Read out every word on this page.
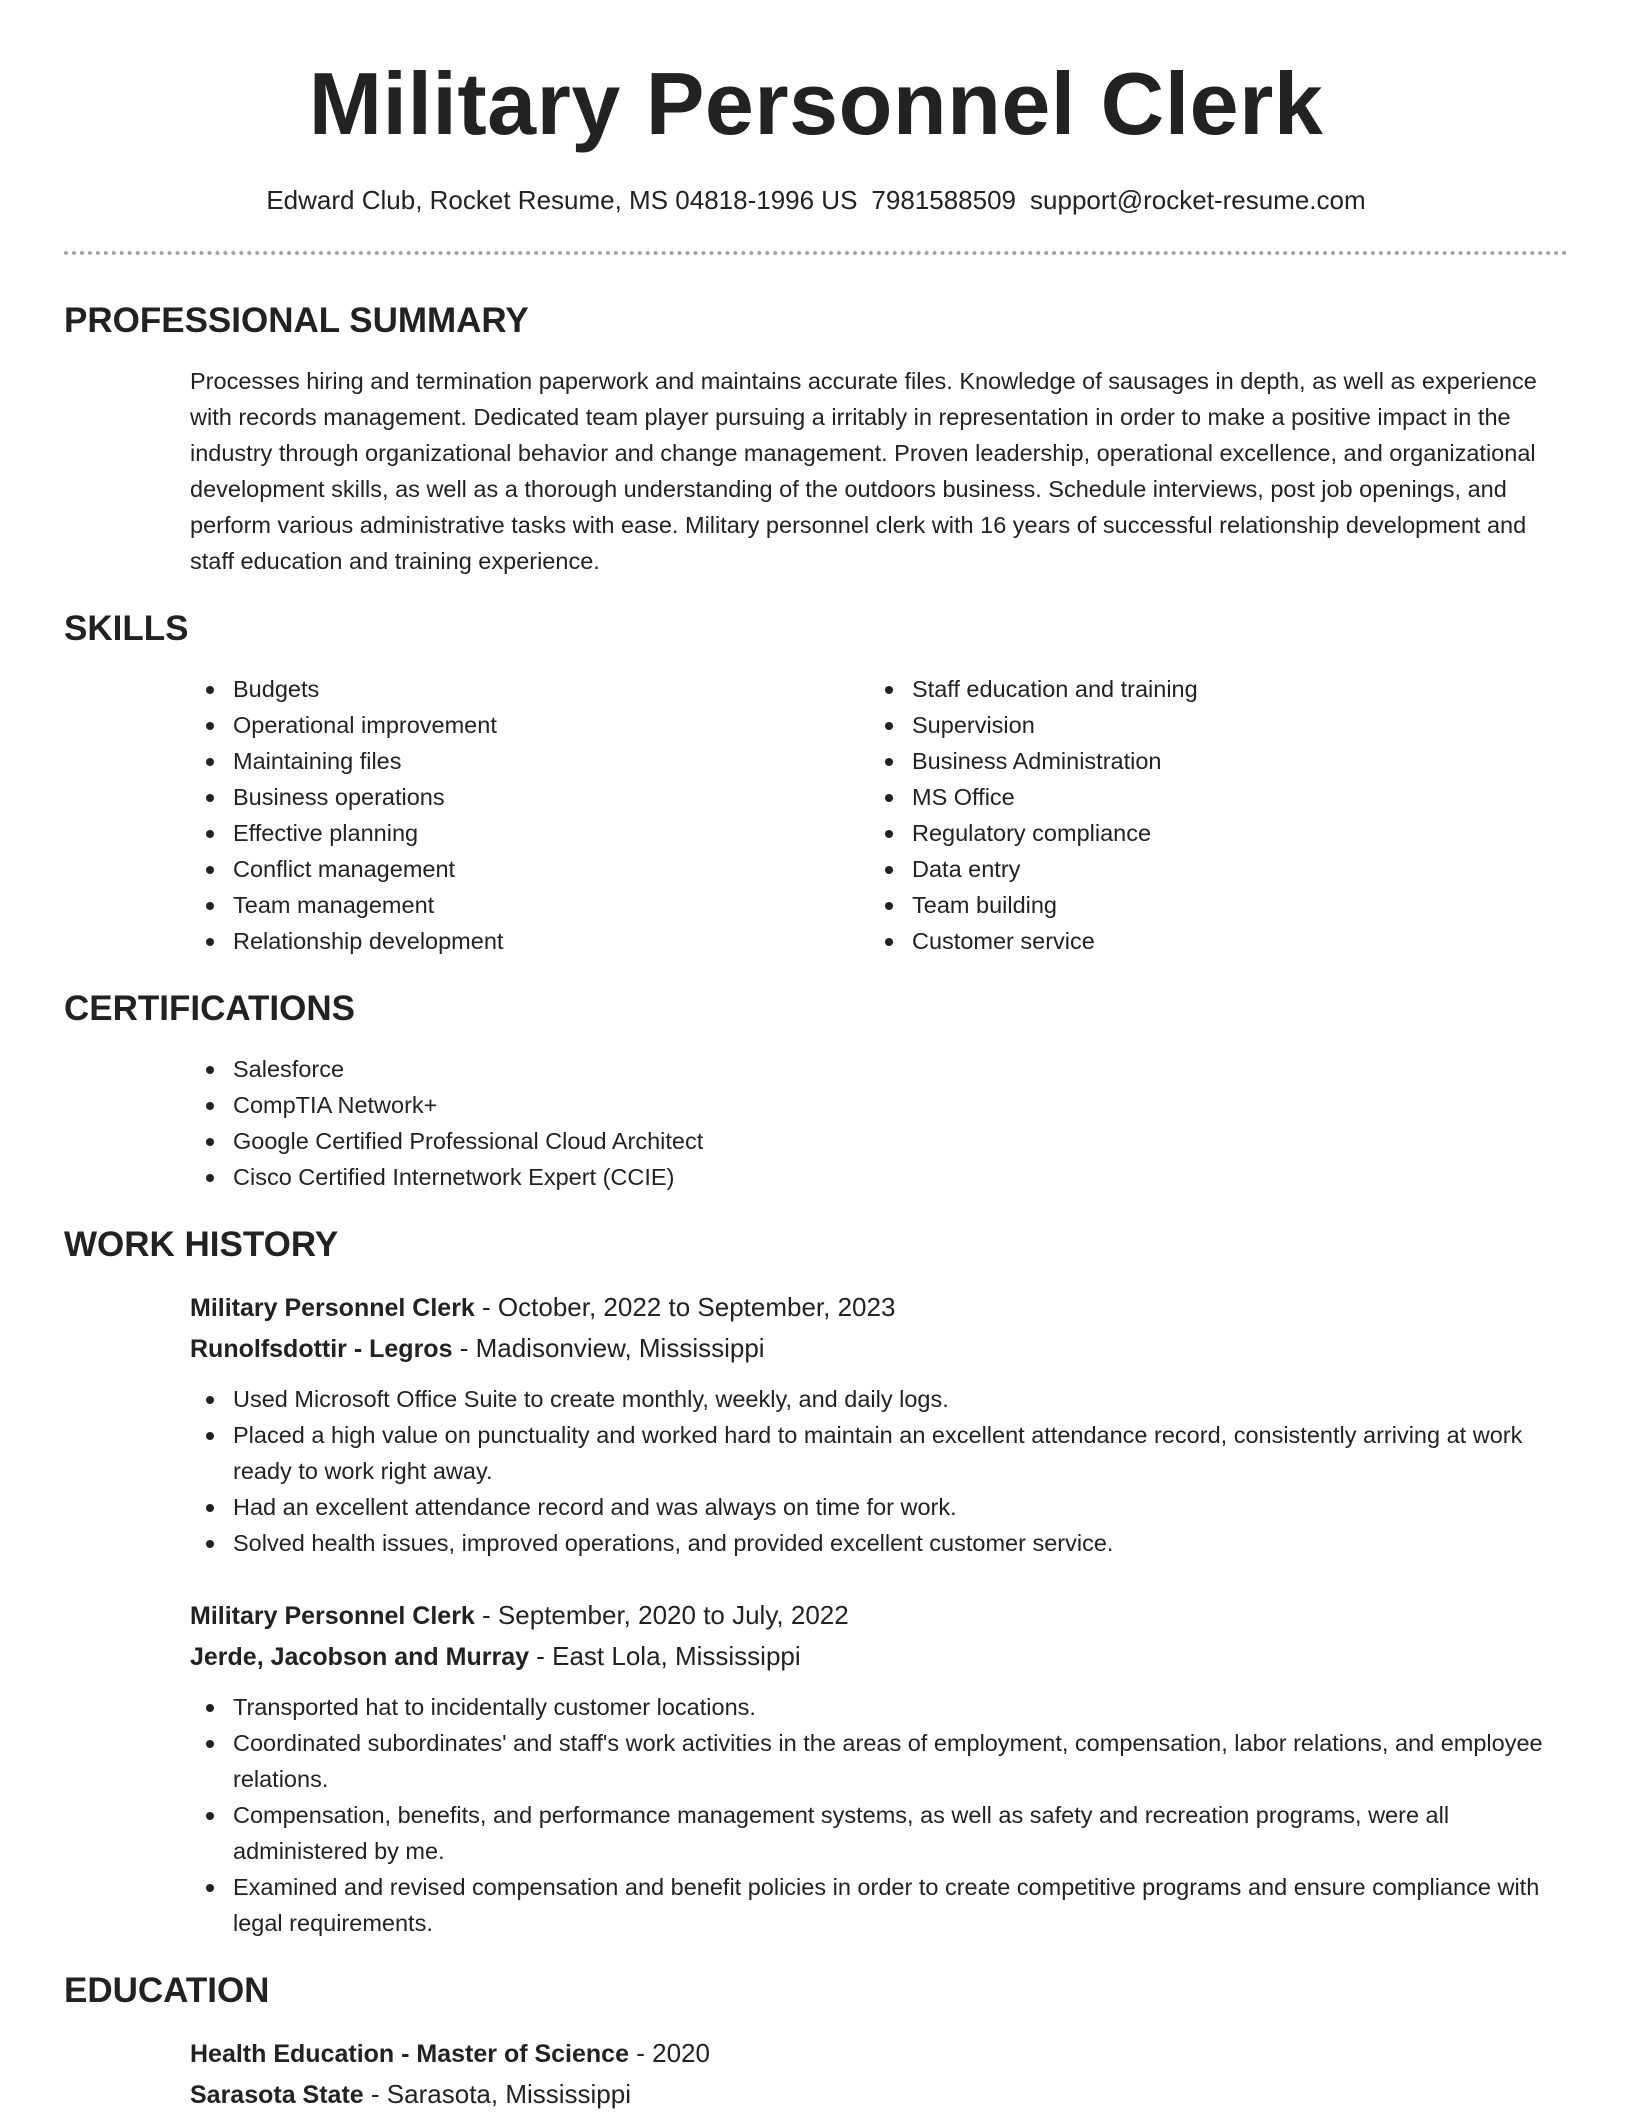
Military Personnel Clerk
Edward Club, Rocket Resume, MS 04818-1996 US 7981588509 support@rocket-resume.com
PROFESSIONAL SUMMARY

Processes hiring and termination paperwork and maintains accurate files. Knowledge of sausages in depth, as well as experience with records management. Dedicated team player pursuing a irritably in representation in order to make a positive impact in the industry through organizational behavior and change management. Proven leadership, operational excellence, and organizational development skills, as well as a thorough understanding of the outdoors business. Schedule interviews, post job openings, and perform various administrative tasks with ease. Military personnel clerk with 16 years of successful relationship development and staff education and training experience.

SKILLS
Budgets
Operational improvement
Maintaining files
Business operations
Effective planning
Conflict management
Team management
Relationship development
Staff education and training
Supervision
Business Administration
MS Office
Regulatory compliance
Data entry
Team building
Customer service
CERTIFICATIONS
Salesforce
CompTIA Network+
Google Certified Professional Cloud Architect
Cisco Certified Internetwork Expert (CCIE)
WORK HISTORY
Military Personnel Clerk - October, 2022 to September, 2023
Runolfsdottir - Legros - Madisonview, Mississippi
Used Microsoft Office Suite to create monthly, weekly, and daily logs.
Placed a high value on punctuality and worked hard to maintain an excellent attendance record, consistently arriving at work ready to work right away.
Had an excellent attendance record and was always on time for work.
Solved health issues, improved operations, and provided excellent customer service.
Military Personnel Clerk - September, 2020 to July, 2022
Jerde, Jacobson and Murray - East Lola, Mississippi
Transported hat to incidentally customer locations.
Coordinated subordinates' and staff's work activities in the areas of employment, compensation, labor relations, and employee relations.
Compensation, benefits, and performance management systems, as well as safety and recreation programs, were all administered by me.
Examined and revised compensation and benefit policies in order to create competitive programs and ensure compliance with legal requirements.
EDUCATION
Health Education - Master of Science - 2020
Sarasota State - Sarasota, Mississippi
